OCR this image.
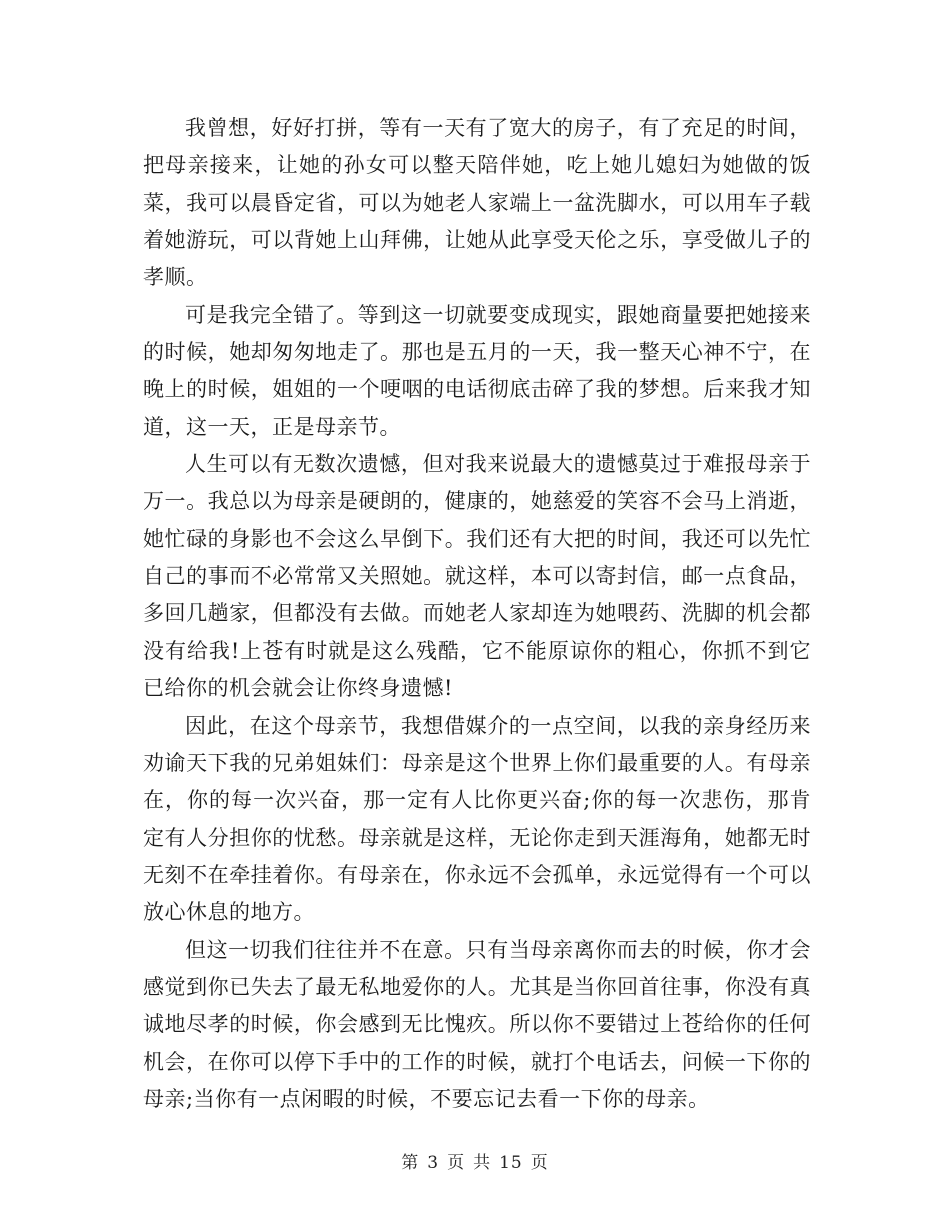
我曾想，好好打拼，等有一天有了宽大的房子，有了充足的时间，把母亲接来，让她的孙女可以整天陪伴她，吃上她儿媳妇为她做的饭菜，我可以晨昏定省，可以为她老人家端上一盆洗脚水，可以用车子载着她游玩，可以背她上山拜佛，让她从此享受天伦之乐，享受做儿子的孝顺。

可是我完全错了。等到这一切就要变成现实，跟她商量要把她接来的时候，她却匆匆地走了。那也是五月的一天，我一整天心神不宁，在晚上的时候，姐姐的一个哽咽的电话彻底击碎了我的梦想。后来我才知道，这一天，正是母亲节。

人生可以有无数次遗憾，但对我来说最大的遗憾莫过于难报母亲于万一。我总以为母亲是硬朗的，健康的，她慈爱的笑容不会马上消逝，她忙碌的身影也不会这么早倒下。我们还有大把的时间，我还可以先忙自己的事而不必常常又关照她。就这样，本可以寄封信，邮一点食品，多回几趟家，但都没有去做。而她老人家却连为她喂药、洗脚的机会都没有给我!上苍有时就是这么残酷，它不能原谅你的粗心，你抓不到它已给你的机会就会让你终身遗憾!

因此，在这个母亲节，我想借媒介的一点空间，以我的亲身经历来劝谕天下我的兄弟姐妹们：母亲是这个世界上你们最重要的人。有母亲在，你的每一次兴奋，那一定有人比你更兴奋;你的每一次悲伤，那肯定有人分担你的忧愁。母亲就是这样，无论你走到天涯海角，她都无时无刻不在牵挂着你。有母亲在，你永远不会孤单，永远觉得有一个可以放心休息的地方。

但这一切我们往往并不在意。只有当母亲离你而去的时候，你才会感觉到你已失去了最无私地爱你的人。尤其是当你回首往事，你没有真诚地尽孝的时候，你会感到无比愧疚。所以你不要错过上苍给你的任何机会，在你可以停下手中的工作的时候，就打个电话去，问候一下你的母亲;当你有一点闲暇的时候，不要忘记去看一下你的母亲。

第 3 页 共 15 页
